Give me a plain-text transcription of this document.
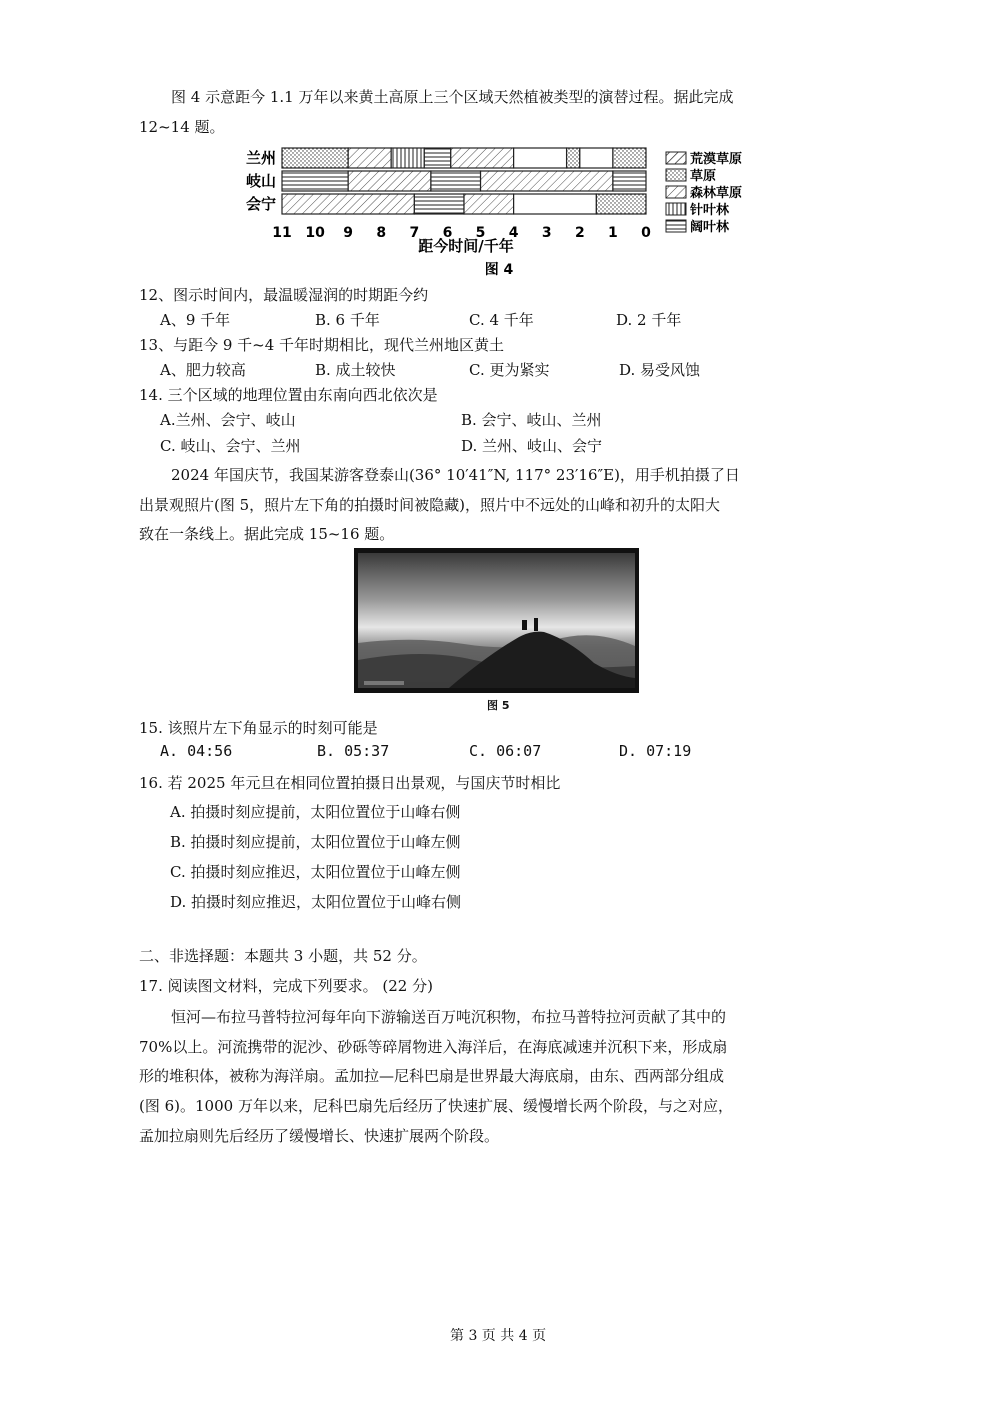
图 4 示意距今 1.1 万年以来黄土高原上三个区域天然植被类型的演替过程。据此完成
12~14 题。
兰州
岐山
会宁
11 10 9 8 7 6 5 4 3 2 1 0
荒漠草原
草原
森林草原
针叶林
阔叶林
距今时间/千年
图 4
12、图示时间内，最温暖湿润的时期距今约
A、9 千年	B. 6 千年	C. 4 千年	D. 2 千年
13、与距今 9 千~4 千年时期相比，现代兰州地区黄土
A、肥力较高	B. 成土较快	C. 更为紧实	D. 易受风蚀
14. 三个区域的地理位置由东南向西北依次是
A.兰州、会宁、岐山	B. 会宁、岐山、兰州
C. 岐山、会宁、兰州	D. 兰州、岐山、会宁
2024 年国庆节，我国某游客登泰山(36° 10′41″N, 117° 23′16″E)，用手机拍摄了日
出景观照片(图 5，照片左下角的拍摄时间被隐藏)，照片中不远处的山峰和初升的太阳大
致在一条线上。据此完成 15~16 题。
图 5
15. 该照片左下角显示的时刻可能是
A. 04:56	B. 05:37	C. 06:07	D. 07:19
16. 若 2025 年元旦在相同位置拍摄日出景观，与国庆节时相比
A. 拍摄时刻应提前，太阳位置位于山峰右侧
B. 拍摄时刻应提前，太阳位置位于山峰左侧
C. 拍摄时刻应推迟，太阳位置位于山峰左侧
D. 拍摄时刻应推迟，太阳位置位于山峰右侧
二、非选择题：本题共 3 小题，共 52 分。
17. 阅读图文材料，完成下列要求。 (22 分)
恒河—布拉马普特拉河每年向下游输送百万吨沉积物，布拉马普特拉河贡献了其中的
70%以上。河流携带的泥沙、砂砾等碎屑物进入海洋后，在海底减速并沉积下来，形成扇
形的堆积体，被称为海洋扇。孟加拉—尼科巴扇是世界最大海底扇，由东、西两部分组成
(图 6)。1000 万年以来，尼科巴扇先后经历了快速扩展、缓慢增长两个阶段，与之对应，
孟加拉扇则先后经历了缓慢增长、快速扩展两个阶段。
第 3 页 共 4 页
